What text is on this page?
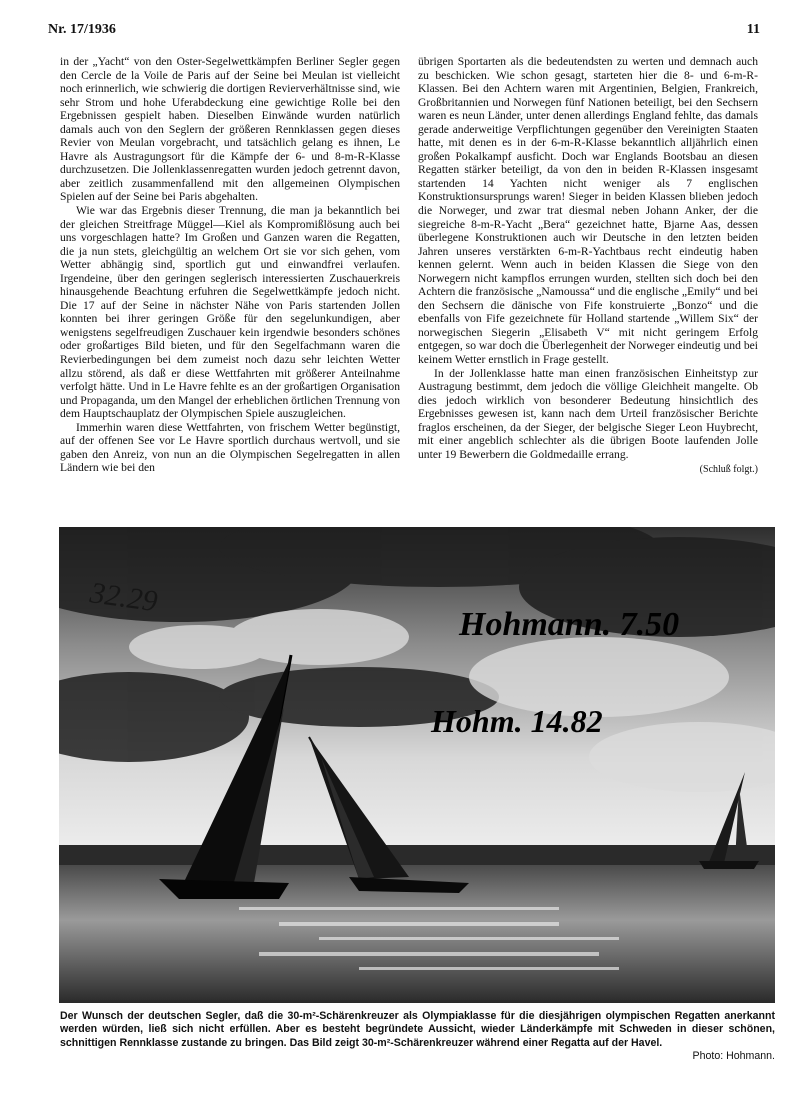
Nr. 17/1936	11

in der „Yacht“ von den Oster-Segelwettkämpfen Berliner Segler gegen den Cercle de la Voile de Paris auf der Seine bei Meulan ist vielleicht noch erinnerlich, wie schwierig die dortigen Revierverhältnisse sind, wie sehr Strom und hohe Uferabdeckung eine gewichtige Rolle bei den Ergebnissen gespielt haben. Dieselben Einwände wurden natürlich damals auch von den Seglern der größeren Rennklassen gegen dieses Revier von Meulan vorgebracht, und tatsächlich gelang es ihnen, Le Havre als Austragungsort für die Kämpfe der 6- und 8-m-R-Klasse durchzusetzen. Die Jollenklassenregatten wurden jedoch getrennt davon, aber zeitlich zusammenfallend mit den allgemeinen Olympischen Spielen auf der Seine bei Paris abgehalten.

Wie war das Ergebnis dieser Trennung, die man ja bekanntlich bei der gleichen Streitfrage Müggel—Kiel als Kompromißlösung auch bei uns vorgeschlagen hatte? Im Großen und Ganzen waren die Regatten, die ja nun stets, gleichgültig an welchem Ort sie vor sich gehen, vom Wetter abhängig sind, sportlich gut und einwandfrei verlaufen. Irgendeine, über den geringen seglerisch interessierten Zuschauerkreis hinausgehende Beachtung erfuhren die Segelwettkämpfe jedoch nicht. Die 17 auf der Seine in nächster Nähe von Paris startenden Jollen konnten bei ihrer geringen Größe für den segelunkundigen, aber wenigstens segelfreudigen Zuschauer kein irgendwie besonders schönes oder großartiges Bild bieten, und für den Segelfachmann waren die Revierbedingungen bei dem zumeist noch dazu sehr leichten Wetter allzu störend, als daß er diese Wettfahrten mit größerer Anteilnahme verfolgt hätte. Und in Le Havre fehlte es an der großartigen Organisation und Propaganda, um den Mangel der erheblichen örtlichen Trennung von dem Hauptschauplatz der Olympischen Spiele auszugleichen.

Immerhin waren diese Wettfahrten, von frischem Wetter begünstigt, auf der offenen See vor Le Havre sportlich durchaus wertvoll, und sie gaben den Anreiz, von nun an die Olympischen Segelregatten in allen Ländern wie bei den

übrigen Sportarten als die bedeutendsten zu werten und demnach auch zu beschicken. Wie schon gesagt, starteten hier die 8- und 6-m-R-Klassen. Bei den Achtern waren mit Argentinien, Belgien, Frankreich, Großbritannien und Norwegen fünf Nationen beteiligt, bei den Sechsern waren es neun Länder, unter denen allerdings England fehlte, das damals gerade anderweitige Verpflichtungen gegenüber den Vereinigten Staaten hatte, mit denen es in der 6-m-R-Klasse bekanntlich alljährlich einen großen Pokalkampf ausficht. Doch war Englands Bootsbau an diesen Regatten stärker beteiligt, da von den in beiden R-Klassen insgesamt startenden 14 Yachten nicht weniger als 7 englischen Konstruktionsursprungs waren! Sieger in beiden Klassen blieben jedoch die Norweger, und zwar trat diesmal neben Johann Anker, der die siegreiche 8-m-R-Yacht „Bera“ gezeichnet hatte, Bjarne Aas, dessen überlegene Konstruktionen auch wir Deutsche in den letzten beiden Jahren unseres verstärkten 6-m-R-Yachtbaus recht eindeutig haben kennen gelernt. Wenn auch in beiden Klassen die Siege von den Norwegern nicht kampflos errungen wurden, stellten sich doch bei den Achtern die französische „Namoussa“ und die englische „Emily“ und bei den Sechsern die dänische von Fife konstruierte „Bonzo“ und die ebenfalls von Fife gezeichnete für Holland startende „Willem Six“ der norwegischen Siegerin „Elisabeth V“ mit nicht geringem Erfolg entgegen, so war doch die Überlegenheit der Norweger eindeutig und bei keinem Wetter ernstlich in Frage gestellt.

In der Jollenklasse hatte man einen französischen Einheitstyp zur Austragung bestimmt, dem jedoch die völlige Gleichheit mangelte. Ob dies jedoch wirklich von besonderer Bedeutung hinsichtlich des Ergebnisses gewesen ist, kann nach dem Urteil französischer Berichte fraglos erscheinen, da der Sieger, der belgische Sieger Leon Huybrecht, mit einer angeblich schlechter als die übrigen Boote laufenden Jolle unter 19 Bewerbern die Goldmedaille errang.

(Schluß folgt.)
32.29
Hohmann. 7.50
Hohm. 14.82
Der Wunsch der deutschen Segler, daß die 30-m²-Schärenkreuzer als Olympiaklasse für die diesjährigen olympischen Regatten anerkannt werden würden, ließ sich nicht erfüllen. Aber es besteht begründete Aussicht, wieder Länderkämpfe mit Schweden in dieser schönen, schnittigen Rennklasse zustande zu bringen. Das Bild zeigt 30-m²-Schärenkreuzer während einer Regatta auf der Havel.
Photo: Hohmann.
